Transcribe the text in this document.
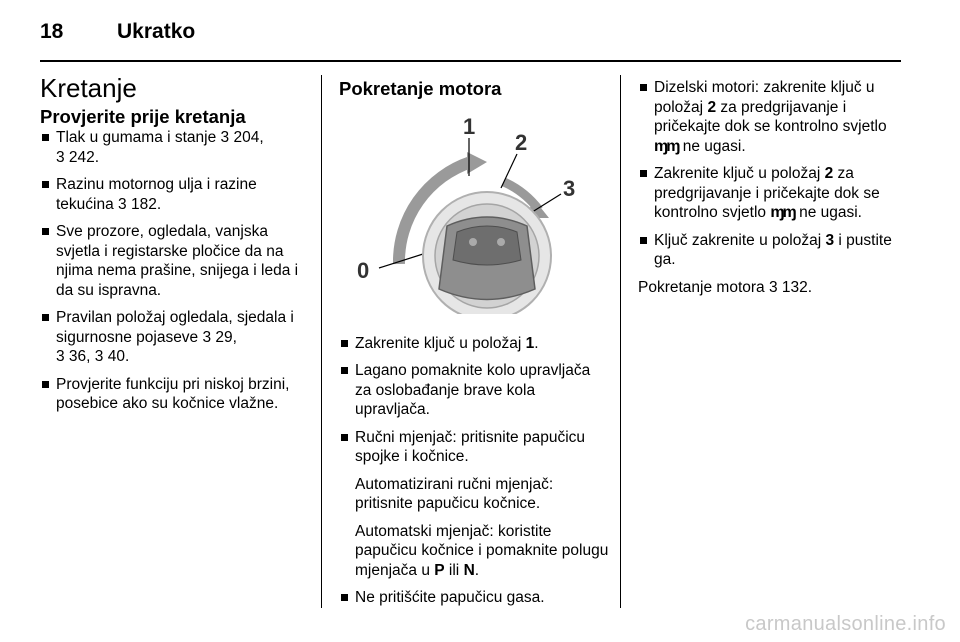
18	Ukratko
Kretanje
Provjerite prije kretanja
Tlak u gumama i stanje 3 204,
3 242.
Razinu motornog ulja i razine tekućina 3 182.
Sve prozore, ogledala, vanjska svjetla i registarske pločice da na njima nema prašine, snijega i leda i da su ispravna.
Pravilan položaj ogledala, sjedala i sigurnosne pojaseve 3 29,
3 36, 3 40.
Provjerite funkciju pri niskoj brzini, posebice ako su kočnice vlažne.
Pokretanje motora
1
2
3
0
Zakrenite ključ u položaj 1.
Lagano pomaknite kolo upravljača za oslobađanje brave kola upravljača.
Ručni mjenjač: pritisnite papučicu spojke i kočnice.
Automatizirani ručni mjenjač: pritisnite papučicu kočnice.
Automatski mjenjač: koristite papučicu kočnice i pomaknite polugu mjenjača u P ili N.
Ne pritišćite papučicu gasa.
Dizelski motori: zakrenite ključ u položaj 2 za predgrijavanje i pričekajte dok se kontrolno svjetlo ɱɱ ne ugasi.
Zakrenite ključ u položaj 2 za predgrijavanje i pričekajte dok se kontrolno svjetlo ɱɱ ne ugasi.
Ključ zakrenite u položaj 3 i pustite ga.

Pokretanje motora 3 132.

carmanualsonline.info
